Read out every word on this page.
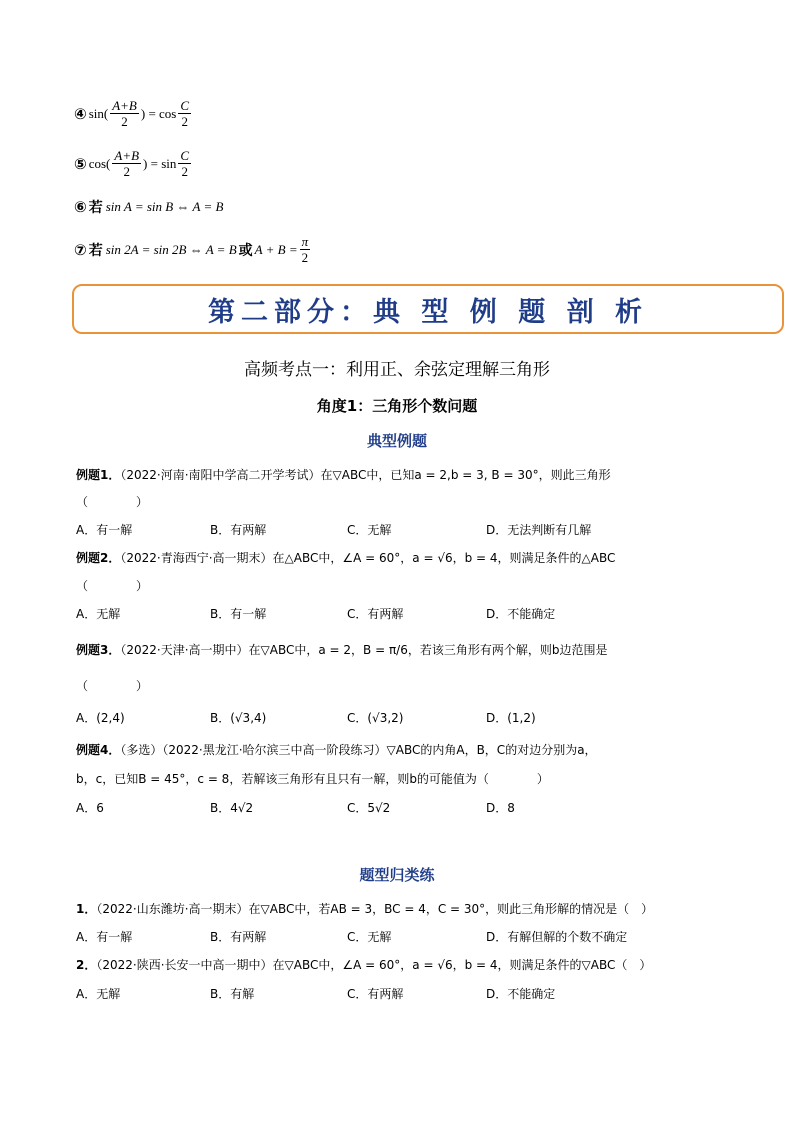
④ $\sin( \frac{A+B}{2}$ ) = $\cos \frac{C}{2}$
⑤ $\cos( \frac{A+B}{2}$ ) = $\sin \frac{C}{2}$
⑥ 若 sin A = sin B ⇔ A = B
⑦ 若 sin 2A = sin 2B ⇔ A = B 或 $A + B = \frac{\pi}{2}$
第二部分：典 型 例 题 剖 析
高频考点一：利用正、余弦定理解三角形
角度1：三角形个数问题
典型例题
例题1．（2022·河南·南阳中学高二开学考试）在▽ABC中，已知a = 2,b = 3, B = 30°，则此三角形
（　　　　）
A．有一解	B．有两解	C．无解	D．无法判断有几解
例题2．（2022·青海西宁·高一期末）在△ABC中，∠A = 60°，a = √6，b = 4，则满足条件的△ABC
（　　　　）
A．无解	B．有一解	C．有两解	D．不能确定
例题3．（2022·天津·高一期中）在▽ABC中，a = 2，B = π/6，若该三角形有两个解，则b边范围是
（　　　　）
A．(2,4)	B．(√3,4)	C．(√3,2)	D．(1,2)
例题4．（多选）（2022·黑龙江·哈尔滨三中高一阶段练习）▽ABC的内角A，B，C的对边分别为a，
b，c，已知B = 45°，c = 8，若解该三角形有且只有一解，则b的可能值为（　　　　）
A．6	B．4√2	C．5√2	D．8
题型归类练
1．（2022·山东潍坊·高一期末）在▽ABC中，若AB = 3，BC = 4，C = 30°，则此三角形解的情况是（　）
A．有一解	B．有两解	C．无解	D．有解但解的个数不确定
2．（2022·陕西·长安一中高一期中）在▽ABC中，∠A = 60°，a = √6，b = 4，则满足条件的▽ABC（　）
A．无解	B．有解	C．有两解	D．不能确定
